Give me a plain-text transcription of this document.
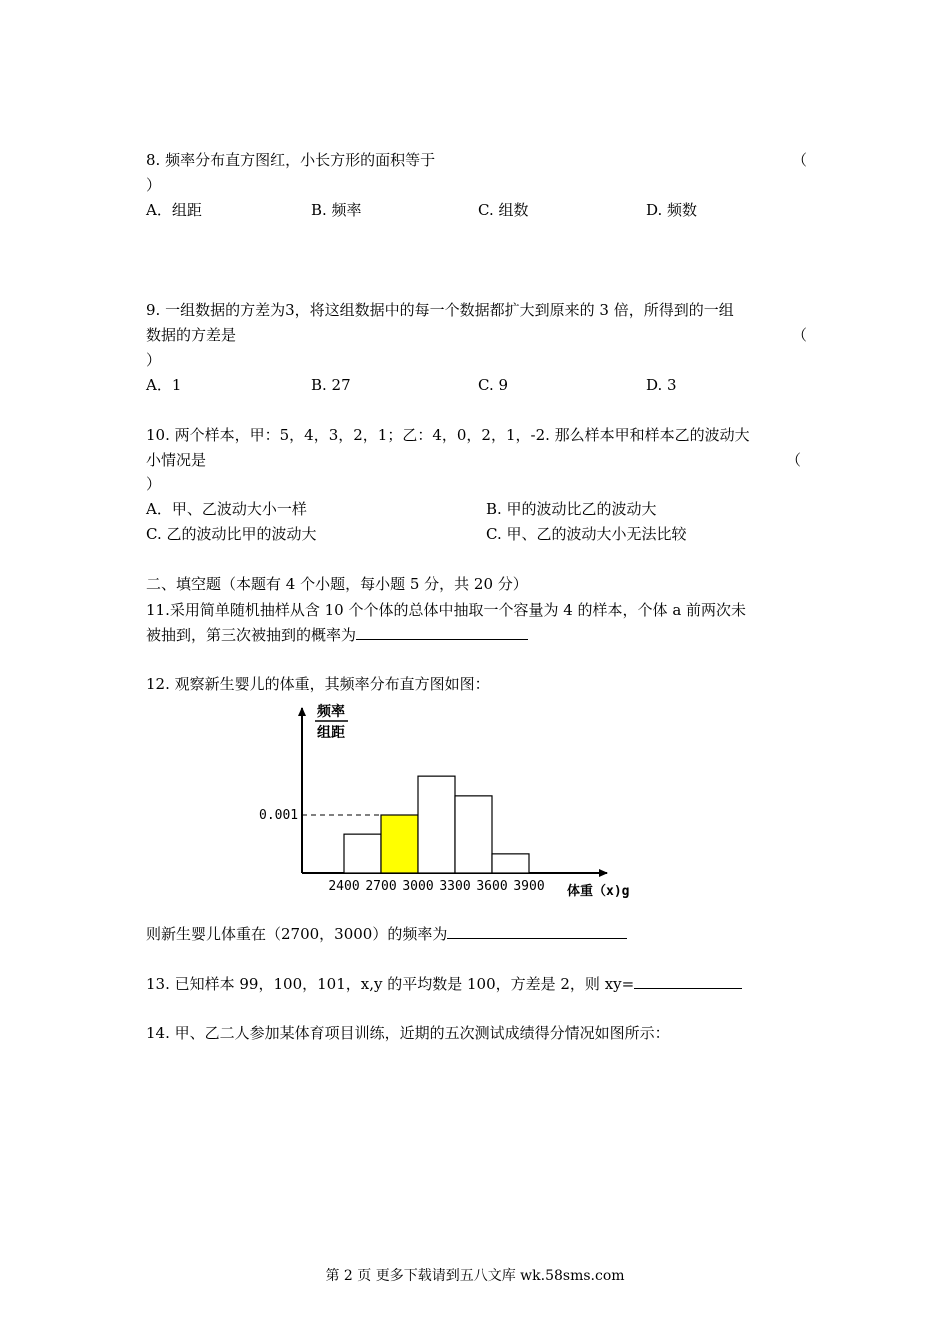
8. 频率分布直方图红，小长方形的面积等于	（
）
A．组距	B. 频率	C. 组数	D. 频数
9. 一组数据的方差为3，将这组数据中的每一个数据都扩大到原来的 3 倍，所得到的一组
数据的方差是	（
）
A．1	B. 27	C. 9	D. 3
10. 两个样本，甲：5，4，3，2，1；乙：4，0，2，1，-2. 那么样本甲和样本乙的波动大
小情况是	（
）
A．甲、乙波动大小一样	B. 甲的波动比乙的波动大
C. 乙的波动比甲的波动大	C. 甲、乙的波动大小无法比较
二、填空题（本题有 4 个小题，每小题 5 分，共 20 分）
11.采用简单随机抽样从含 10 个个体的总体中抽取一个容量为 4 的样本，个体 a 前两次未
被抽到，第三次被抽到的概率为
12. 观察新生婴儿的体重，其频率分布直方图如图：
频率
组距
0.001
2400 2700 3000 3300 3600 3900 体重（x)g
则新生婴儿体重在（2700，3000）的频率为
13. 已知样本 99，100，101，x,y 的平均数是 100，方差是 2，则 xy=
14. 甲、乙二人参加某体育项目训练，近期的五次测试成绩得分情况如图所示：
第 2 页 更多下载请到五八文库 wk.58sms.com
